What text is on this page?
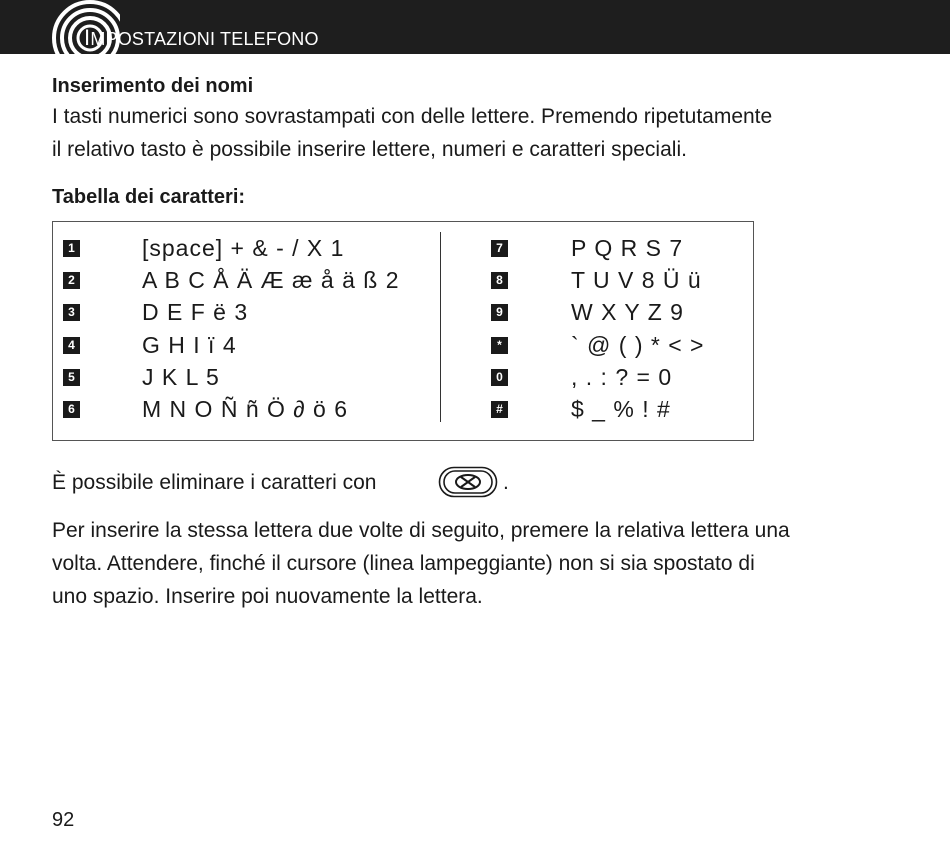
IMPOSTAZIONI TELEFONO
Inserimento dei nomi
I tasti numerici sono sovrastampati con delle lettere. Premendo ripetutamente
il relativo tasto è possibile inserire lettere, numeri e caratteri speciali.
Tabella dei caratteri:
1	[space] + & - / X 1
2	A B C Å Ä Æ æ å ä ß 2
3	D E F ë 3
4	G H I ï 4
5	J K L 5
6	M N O Ñ ñ Ö ∂ ö 6
7	P Q R S 7
8	T U V 8 Ü ü
9	W X Y Z 9
*	` @ ( ) * < >
0	, . : ? = 0
#	$ _ % ! #
È possibile eliminare i caratteri con	.
Per inserire la stessa lettera due volte di seguito, premere la relativa lettera una
volta. Attendere, finché il cursore (linea lampeggiante) non si sia spostato di
uno spazio. Inserire poi nuovamente la lettera.
92
